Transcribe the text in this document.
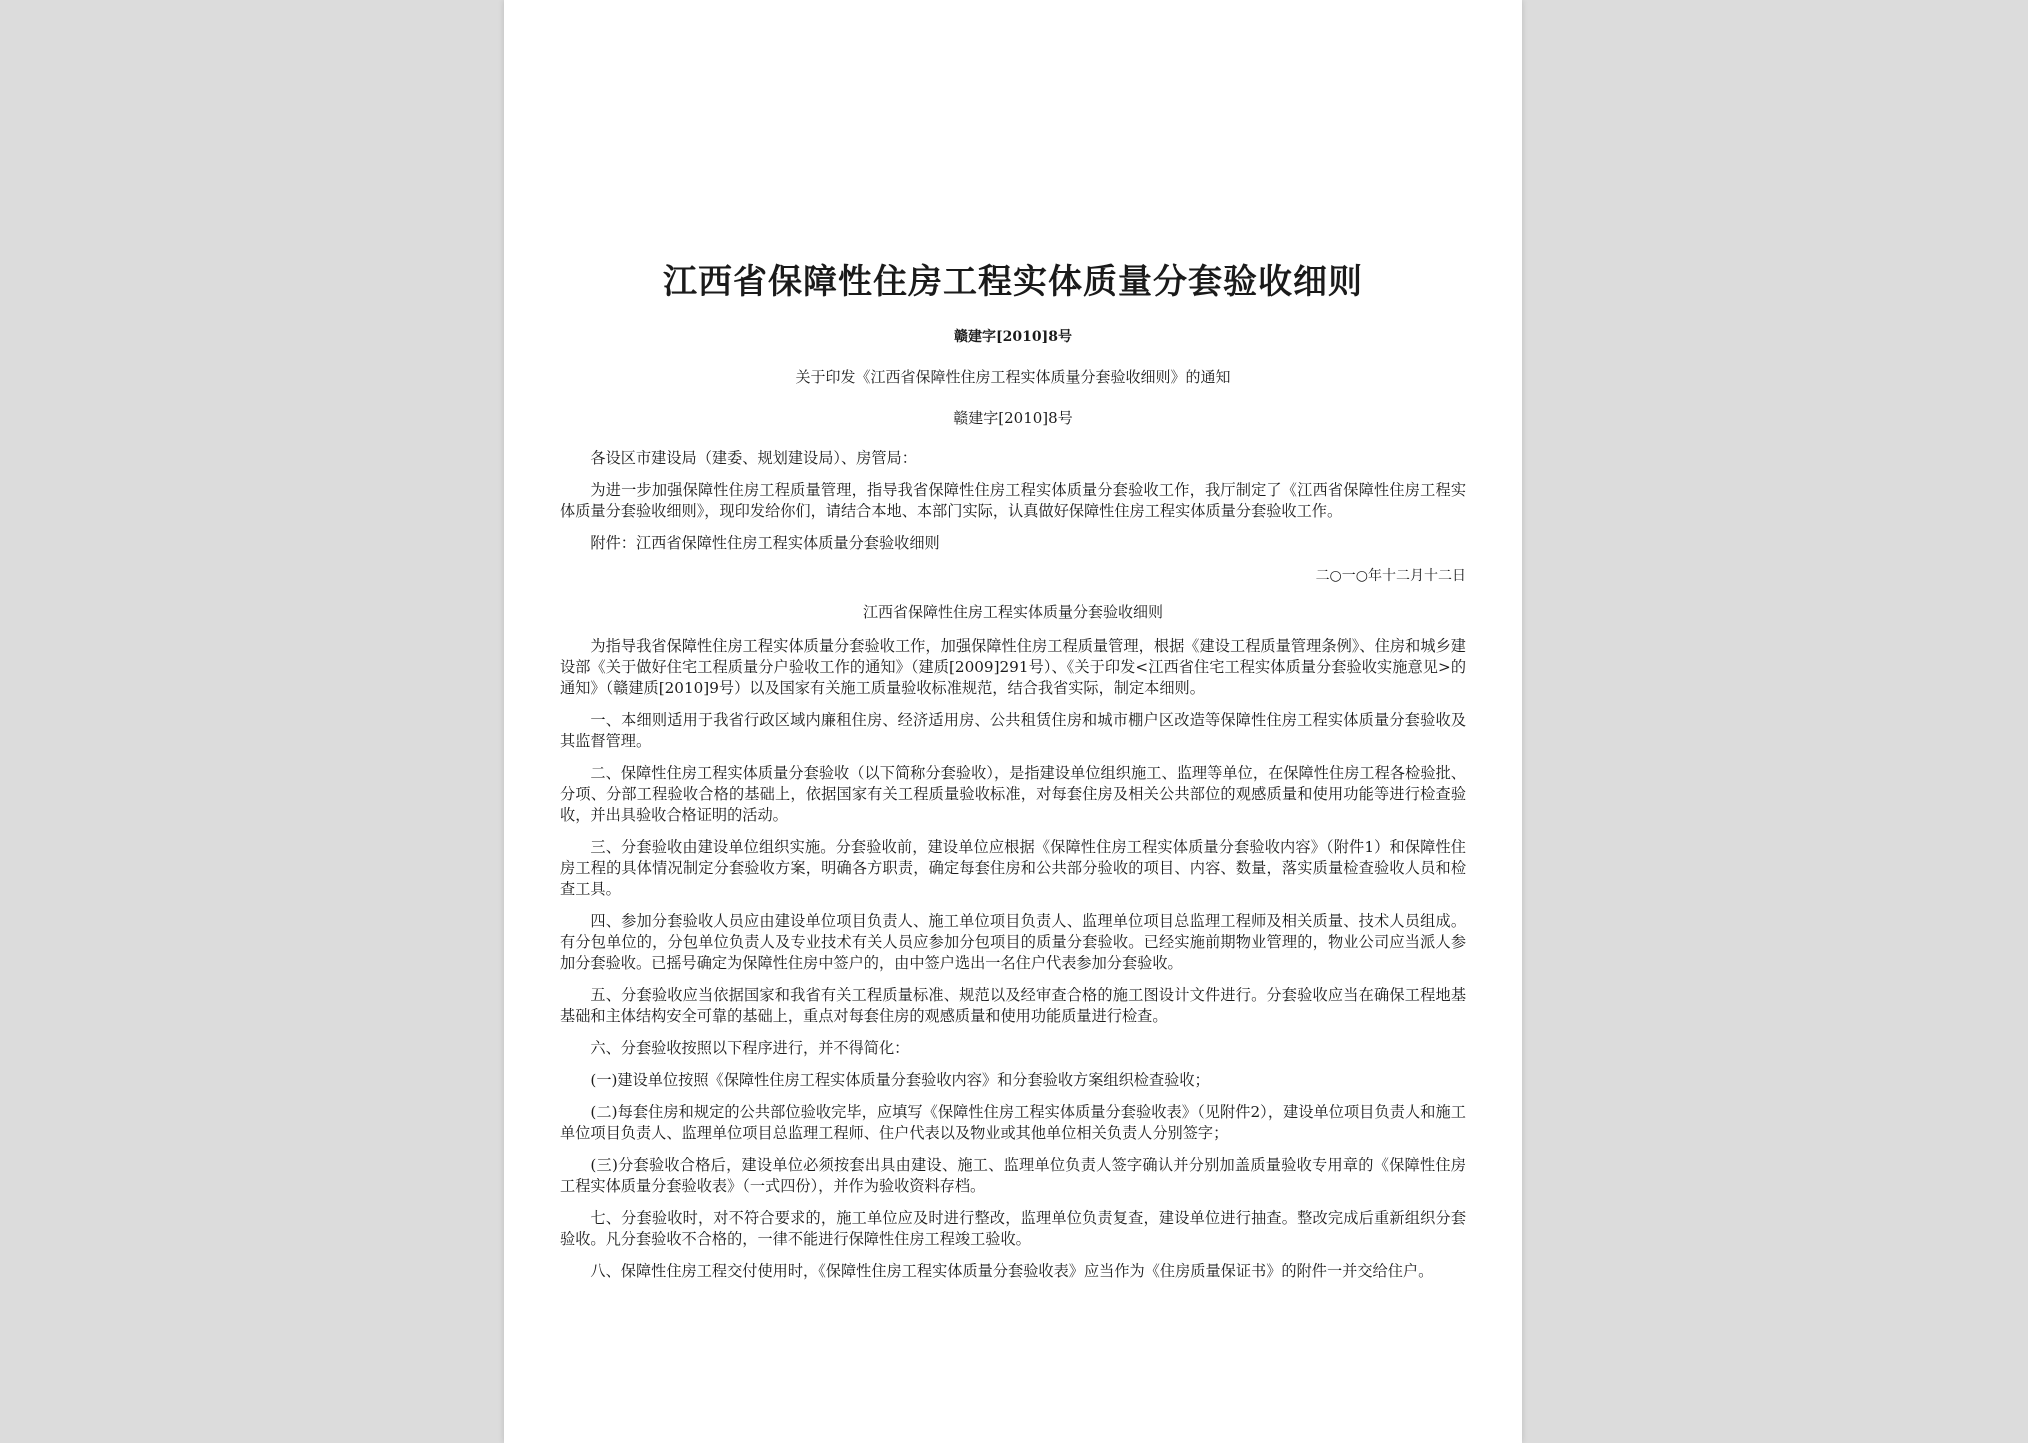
江西省保障性住房工程实体质量分套验收细则
赣建字[2010]8号
关于印发《江西省保障性住房工程实体质量分套验收细则》的通知
赣建字[2010]8号
各设区市建设局（建委、规划建设局）、房管局：
为进一步加强保障性住房工程质量管理，指导我省保障性住房工程实体质量分套验收工作，我厅制定了《江西省保障性住房工程实体质量分套验收细则》，现印发给你们，请结合本地、本部门实际，认真做好保障性住房工程实体质量分套验收工作。
附件：江西省保障性住房工程实体质量分套验收细则
二○一○年十二月十二日
江西省保障性住房工程实体质量分套验收细则
为指导我省保障性住房工程实体质量分套验收工作，加强保障性住房工程质量管理，根据《建设工程质量管理条例》、住房和城乡建设部《关于做好住宅工程质量分户验收工作的通知》（建质[2009]291号）、《关于印发<江西省住宅工程实体质量分套验收实施意见>的通知》（赣建质[2010]9号）以及国家有关施工质量验收标准规范，结合我省实际，制定本细则。
一、本细则适用于我省行政区域内廉租住房、经济适用房、公共租赁住房和城市棚户区改造等保障性住房工程实体质量分套验收及其监督管理。
二、保障性住房工程实体质量分套验收（以下简称分套验收），是指建设单位组织施工、监理等单位，在保障性住房工程各检验批、分项、分部工程验收合格的基础上，依据国家有关工程质量验收标准，对每套住房及相关公共部位的观感质量和使用功能等进行检查验收，并出具验收合格证明的活动。
三、分套验收由建设单位组织实施。分套验收前，建设单位应根据《保障性住房工程实体质量分套验收内容》（附件1）和保障性住房工程的具体情况制定分套验收方案，明确各方职责，确定每套住房和公共部分验收的项目、内容、数量，落实质量检查验收人员和检查工具。
四、参加分套验收人员应由建设单位项目负责人、施工单位项目负责人、监理单位项目总监理工程师及相关质量、技术人员组成。有分包单位的，分包单位负责人及专业技术有关人员应参加分包项目的质量分套验收。已经实施前期物业管理的，物业公司应当派人参加分套验收。已摇号确定为保障性住房中签户的，由中签户选出一名住户代表参加分套验收。
五、分套验收应当依据国家和我省有关工程质量标准、规范以及经审查合格的施工图设计文件进行。分套验收应当在确保工程地基基础和主体结构安全可靠的基础上，重点对每套住房的观感质量和使用功能质量进行检查。
六、分套验收按照以下程序进行，并不得简化：
(一)建设单位按照《保障性住房工程实体质量分套验收内容》和分套验收方案组织检查验收；
(二)每套住房和规定的公共部位验收完毕，应填写《保障性住房工程实体质量分套验收表》（见附件2），建设单位项目负责人和施工单位项目负责人、监理单位项目总监理工程师、住户代表以及物业或其他单位相关负责人分别签字；
(三)分套验收合格后，建设单位必须按套出具由建设、施工、监理单位负责人签字确认并分别加盖质量验收专用章的《保障性住房工程实体质量分套验收表》（一式四份），并作为验收资料存档。
七、分套验收时，对不符合要求的，施工单位应及时进行整改，监理单位负责复查，建设单位进行抽查。整改完成后重新组织分套验收。凡分套验收不合格的，一律不能进行保障性住房工程竣工验收。
八、保障性住房工程交付使用时，《保障性住房工程实体质量分套验收表》应当作为《住房质量保证书》的附件一并交给住户。
